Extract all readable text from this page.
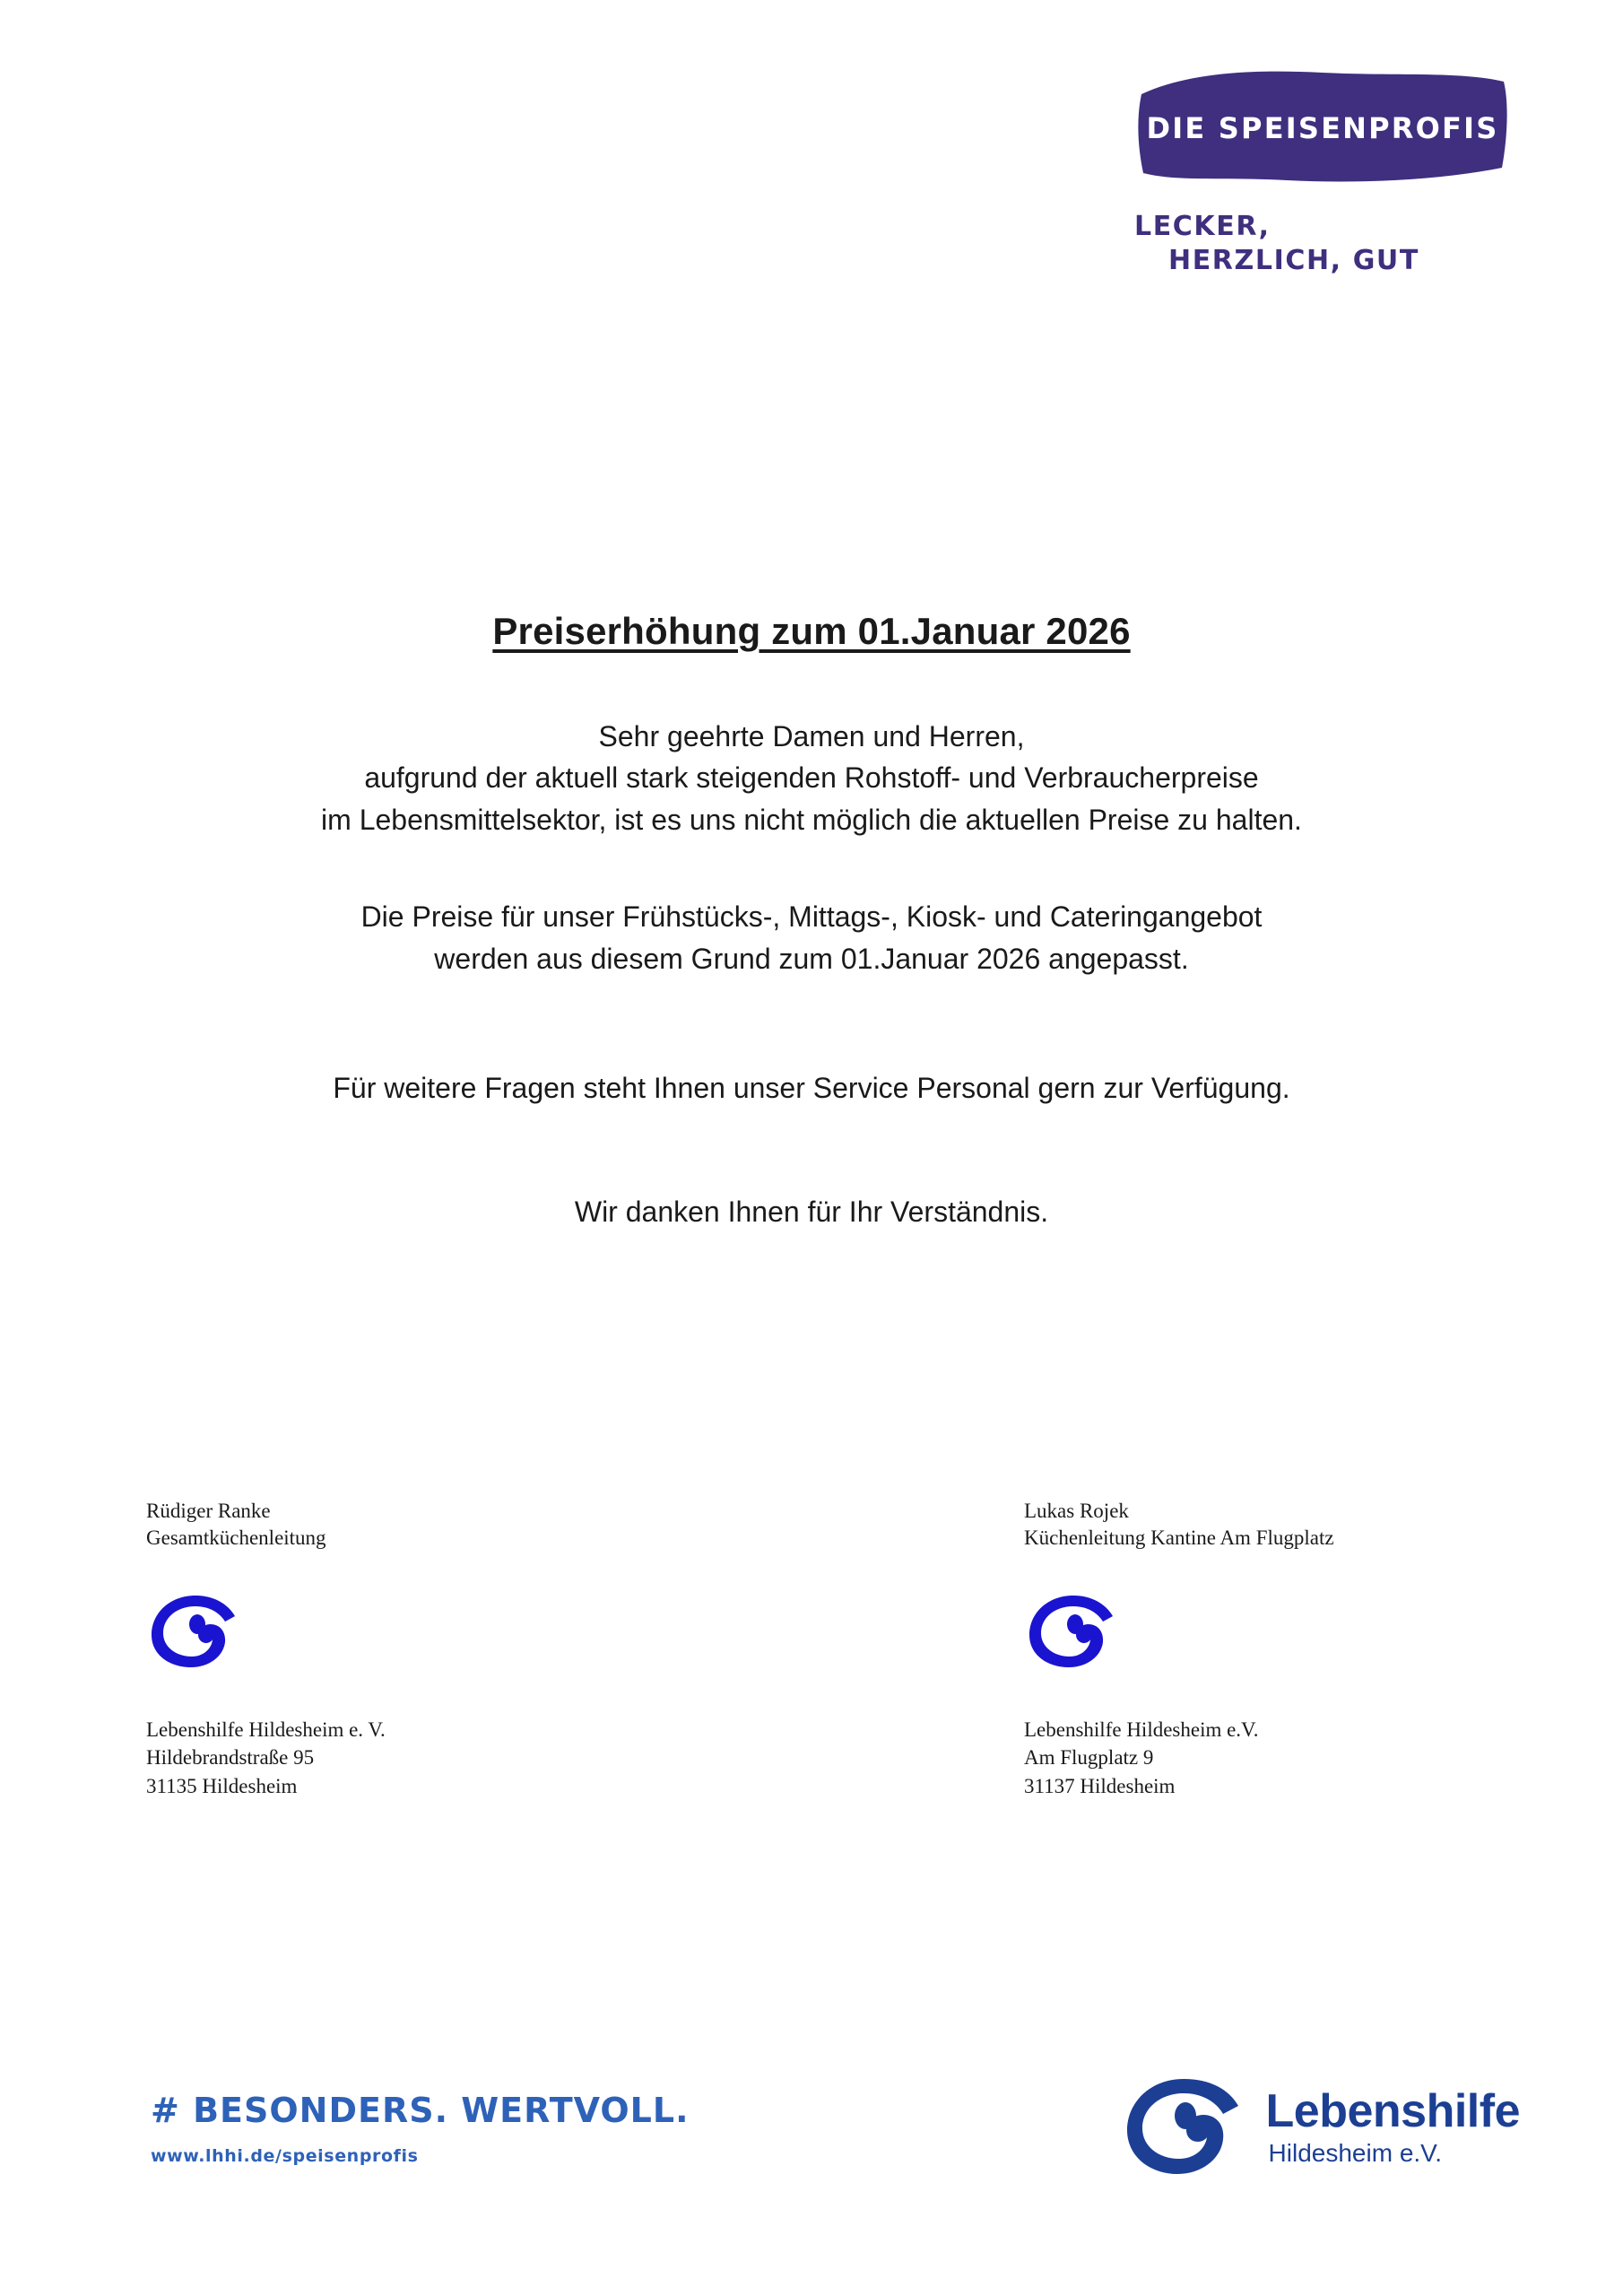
DIE SPEISENPROFIS
LECKER,
HERZLICH, GUT
Preiserhöhung zum 01.Januar 2026

Sehr geehrte Damen und Herren,

aufgrund der aktuell stark steigenden Rohstoff- und Verbraucherpreise

im Lebensmittelsektor, ist es uns nicht möglich die aktuellen Preise zu halten.

Die Preise für unser Frühstücks-, Mittags-, Kiosk- und Cateringangebot

werden aus diesem Grund zum 01.Januar 2026 angepasst.

Für weitere Fragen steht Ihnen unser Service Personal gern zur Verfügung.

Wir danken Ihnen für Ihr Verständnis.

Rüdiger Ranke
Gesamtküchenleitung
Lebenshilfe Hildesheim e. V.
Hildebrandstraße 95
31135 Hildesheim
Lukas Rojek
Küchenleitung Kantine Am Flugplatz
Lebenshilfe Hildesheim e.V.
Am Flugplatz 9
31137 Hildesheim
# BESONDERS. WERTVOLL.
www.lhhi.de/speisenprofis
Lebenshilfe
Hildesheim e.V.
